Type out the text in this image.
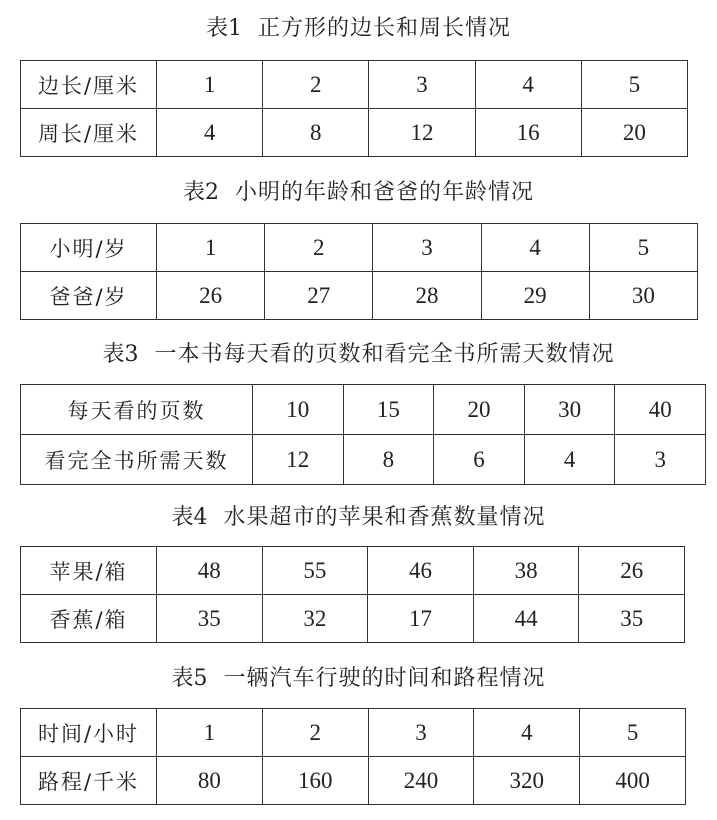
表1 正方形的边长和周长情况
边长/厘米	1	2	3	4	5
周长/厘米	4	8	12	16	20
表2 小明的年龄和爸爸的年龄情况
小明/岁	1	2	3	4	5
爸爸/岁	26	27	28	29	30
表3 一本书每天看的页数和看完全书所需天数情况
每天看的页数	10	15	20	30	40
看完全书所需天数	12	8	6	4	3
表4 水果超市的苹果和香蕉数量情况
苹果/箱	48	55	46	38	26
香蕉/箱	35	32	17	44	35
表5 一辆汽车行驶的时间和路程情况
时间/小时	1	2	3	4	5
路程/千米	80	160	240	320	400
